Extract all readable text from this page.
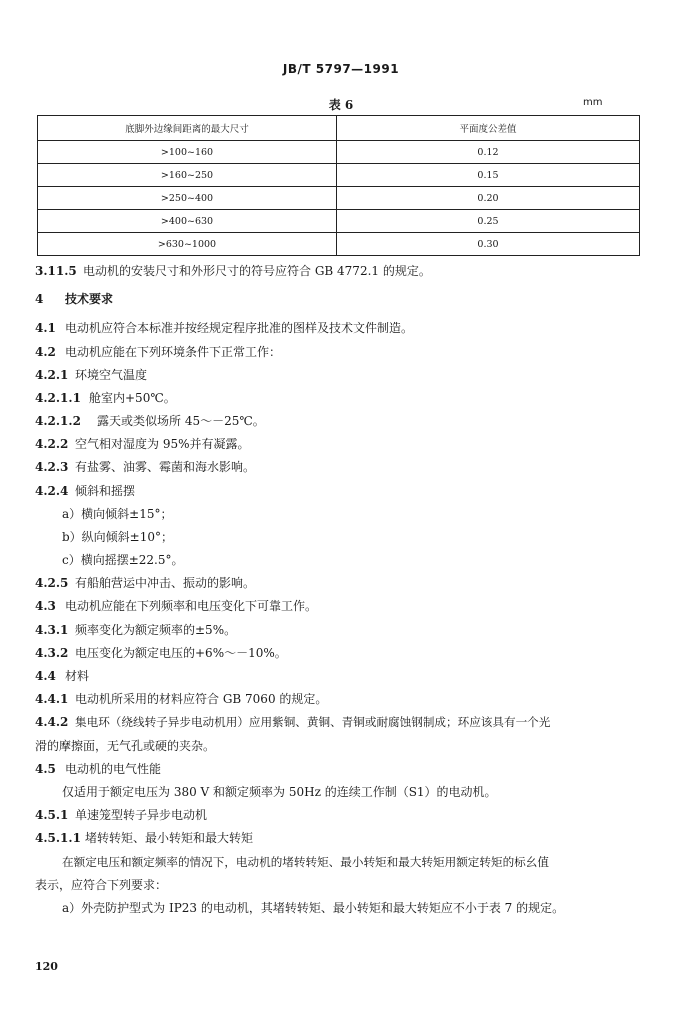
JB/T 5797—1991
表 6	mm
底脚外边缘间距离的最大尺寸	平面度公差值
>100~160	0.12
>160~250	0.15
>250~400	0.20
>400~630	0.25
>630~1000	0.30
3.11.5 电动机的安装尺寸和外形尺寸的符号应符合 GB 4772.1 的规定。
4 技术要求
4.1 电动机应符合本标准并按经规定程序批准的图样及技术文件制造。
4.2 电动机应能在下列环境条件下正常工作：
4.2.1 环境空气温度
4.2.1.1 舱室内+50℃。
4.2.1.2 露天或类似场所 45～－25℃。
4.2.2 空气相对湿度为 95%并有凝露。
4.2.3 有盐雾、油雾、霉菌和海水影响。
4.2.4 倾斜和摇摆
a）横向倾斜±15°；
b）纵向倾斜±10°；
c）横向摇摆±22.5°。
4.2.5 有船舶营运中冲击、振动的影响。
4.3 电动机应能在下列频率和电压变化下可靠工作。
4.3.1 频率变化为额定频率的±5%。
4.3.2 电压变化为额定电压的+6%～－10%。
4.4 材料
4.4.1 电动机所采用的材料应符合 GB 7060 的规定。
4.4.2 集电环（绕线转子异步电动机用）应用紫铜、黄铜、青铜或耐腐蚀钢制成；环应该具有一个光
滑的摩擦面，无气孔或硬的夹杂。
4.5 电动机的电气性能
仅适用于额定电压为 380 V 和额定频率为 50Hz 的连续工作制（S1）的电动机。
4.5.1 单速笼型转子异步电动机
4.5.1.1 堵转转矩、最小转矩和最大转矩
在额定电压和额定频率的情况下，电动机的堵转转矩、最小转矩和最大转矩用额定转矩的标幺值
表示，应符合下列要求：
a）外壳防护型式为 IP23 的电动机，其堵转转矩、最小转矩和最大转矩应不小于表 7 的规定。
120
